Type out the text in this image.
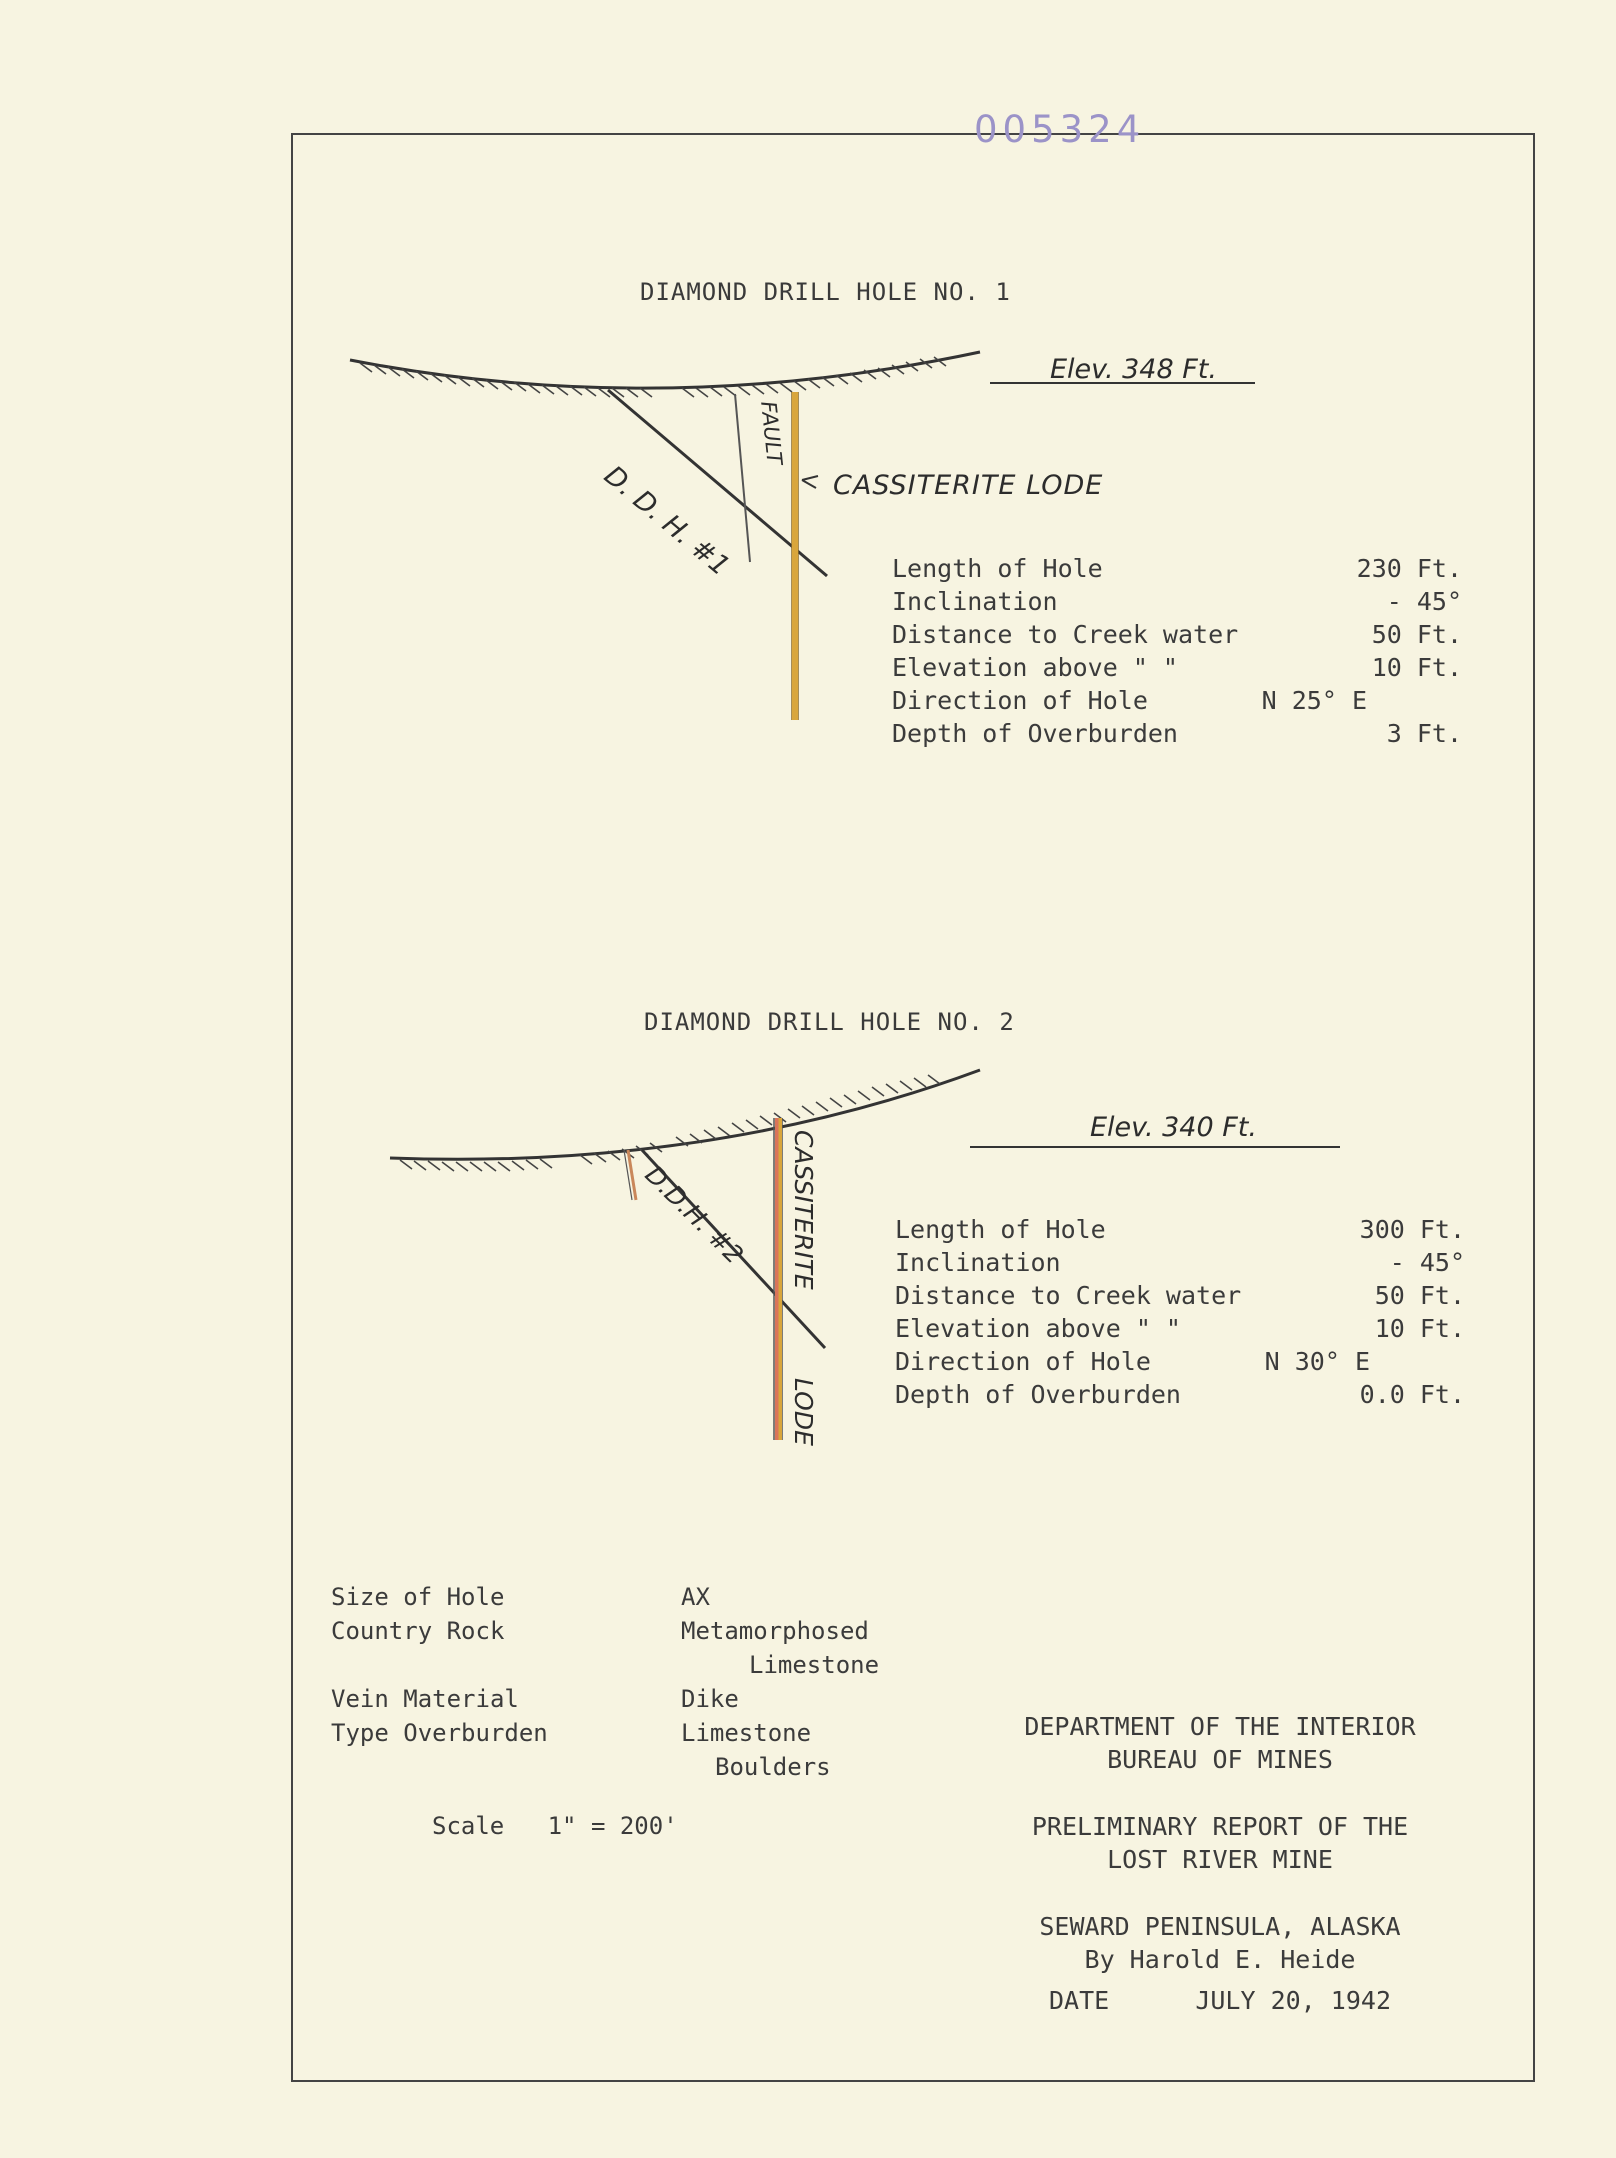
005324
DIAMOND DRILL HOLE NO. 1
Elev. 348 Ft.
D. D. H. #1
FAULT
CASSITERITE LODE
Length of Hole	230 Ft.
Inclination	- 45°
Distance to Creek water	50 Ft.
Elevation above " "	10 Ft.
Direction of Hole	N 25° E
Depth of Overburden	3 Ft.
DIAMOND DRILL HOLE NO. 2
Elev. 340 Ft.
D.D.H. #2 CASSITERITE
LODE
Length of Hole	300 Ft.
Inclination	- 45°
Distance to Creek water	50 Ft.
Elevation above " "	10 Ft.
Direction of Hole	N 30° E
Depth of Overburden	0.0 Ft.
Size of Hole	AX
Country Rock	Metamorphosed
Limestone
Vein Material	Dike
Type Overburden	Limestone
Boulders
Scale   1" = 200'
DEPARTMENT OF THE INTERIOR
BUREAU OF MINES
PRELIMINARY REPORT OF THE
LOST RIVER MINE
SEWARD PENINSULA, ALASKA
By Harold E. Heide
DATE	JULY 20, 1942
